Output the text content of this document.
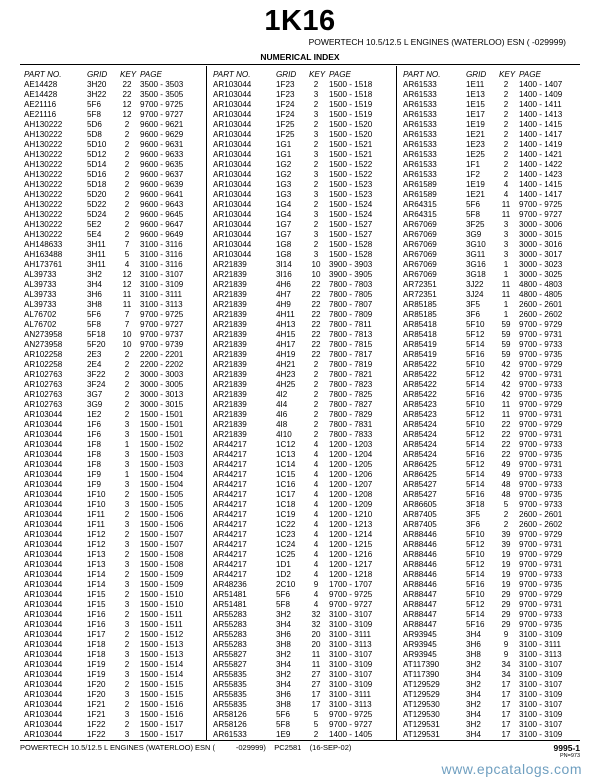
1K16
POWERTECH 10.5/12.5 L ENGINES (WATERLOO) ESN ( -029999)
NUMERICAL INDEX
PART NO.	GRID KEY PAGE
AE14428	3H20	22	3500 - 3503
AE14428	3H22	22	3500 - 3505
AE21116	5F6	12	9700 - 9725
AE21116	5F8	12	9700 - 9727
AH130222	5D6	2	9600 - 9621
AH130222	5D8	2	9600 - 9629
AH130222	5D10	2	9600 - 9631
AH130222	5D12	2	9600 - 9633
AH130222	5D14	2	9600 - 9635
AH130222	5D16	2	9600 - 9637
AH130222	5D18	2	9600 - 9639
AH130222	5D20	2	9600 - 9641
AH130222	5D22	2	9600 - 9643
AH130222	5D24	2	9600 - 9645
AH130222	5E2	2	9600 - 9647
AH130222	5E4	2	9600 - 9649
AH148633	3H11	7	3100 - 3116
AH163488	3H11	5	3100 - 3116
AH173761	3H11	4	3100 - 3116
AL39733	3H2	12	3100 - 3107
AL39733	3H4	12	3100 - 3109
AL39733	3H6	11	3100 - 3111
AL39733	3H8	11	3100 - 3113
AL76702	5F6	7	9700 - 9725
AL76702	5F8	7	9700 - 9727
AN273958	5F18	10	9700 - 9737
AN273958	5F20	10	9700 - 9739
AR102258	2E3	2	2200 - 2201
AR102258	2E4	2	2200 - 2202
AR102763	3F22	2	3000 - 3003
AR102763	3F24	2	3000 - 3005
AR102763	3G7	2	3000 - 3013
AR102763	3G9	2	3000 - 3015
AR103044	1E2	2	1500 - 1501
AR103044	1F6	3	1500 - 1501
AR103044	1F6	3	1500 - 1501
AR103044	1F8	1	1500 - 1502
AR103044	1F8	3	1500 - 1503
AR103044	1F8	3	1500 - 1503
AR103044	1F9	1	1500 - 1504
AR103044	1F9	3	1500 - 1504
AR103044	1F10	2	1500 - 1505
AR103044	1F10	3	1500 - 1505
AR103044	1F11	2	1500 - 1506
AR103044	1F11	3	1500 - 1506
AR103044	1F12	2	1500 - 1507
AR103044	1F12	3	1500 - 1507
AR103044	1F13	2	1500 - 1508
AR103044	1F13	3	1500 - 1508
AR103044	1F14	2	1500 - 1509
AR103044	1F14	3	1500 - 1509
AR103044	1F15	2	1500 - 1510
AR103044	1F15	3	1500 - 1510
AR103044	1F16	2	1500 - 1511
AR103044	1F16	3	1500 - 1511
AR103044	1F17	2	1500 - 1512
AR103044	1F18	2	1500 - 1513
AR103044	1F18	3	1500 - 1513
AR103044	1F19	2	1500 - 1514
AR103044	1F19	3	1500 - 1514
AR103044	1F20	2	1500 - 1515
AR103044	1F20	3	1500 - 1515
AR103044	1F21	2	1500 - 1516
AR103044	1F21	3	1500 - 1516
AR103044	1F22	2	1500 - 1517
AR103044	1F22	3	1500 - 1517
PART NO.	GRID KEY PAGE
AR103044	1F23	2	1500 - 1518
AR103044	1F23	3	1500 - 1518
AR103044	1F24	2	1500 - 1519
AR103044	1F24	3	1500 - 1519
AR103044	1F25	2	1500 - 1520
AR103044	1F25	3	1500 - 1520
AR103044	1G1	2	1500 - 1521
AR103044	1G1	3	1500 - 1521
AR103044	1G2	2	1500 - 1522
AR103044	1G2	3	1500 - 1522
AR103044	1G3	2	1500 - 1523
AR103044	1G3	3	1500 - 1523
AR103044	1G4	2	1500 - 1524
AR103044	1G4	3	1500 - 1524
AR103044	1G7	2	1500 - 1527
AR103044	1G7	3	1500 - 1527
AR103044	1G8	2	1500 - 1528
AR103044	1G8	3	1500 - 1528
AR21839	3I14	10	3900 - 3903
AR21839	3I16	10	3900 - 3905
AR21839	4H6	22	7800 - 7803
AR21839	4H7	22	7800 - 7805
AR21839	4H9	22	7800 - 7807
AR21839	4H11	22	7800 - 7809
AR21839	4H13	22	7800 - 7811
AR21839	4H15	22	7800 - 7813
AR21839	4H17	22	7800 - 7815
AR21839	4H19	22	7800 - 7817
AR21839	4H21	2	7800 - 7819
AR21839	4H23	2	7800 - 7821
AR21839	4H25	2	7800 - 7823
AR21839	4I2	2	7800 - 7825
AR21839	4I4	2	7800 - 7827
AR21839	4I6	2	7800 - 7829
AR21839	4I8	2	7800 - 7831
AR21839	4I10	2	7800 - 7833
AR44217	1C12	4	1200 - 1203
AR44217	1C13	4	1200 - 1204
AR44217	1C14	4	1200 - 1205
AR44217	1C15	4	1200 - 1206
AR44217	1C16	4	1200 - 1207
AR44217	1C17	4	1200 - 1208
AR44217	1C18	4	1200 - 1209
AR44217	1C19	4	1200 - 1210
AR44217	1C22	4	1200 - 1213
AR44217	1C23	4	1200 - 1214
AR44217	1C24	4	1200 - 1215
AR44217	1C25	4	1200 - 1216
AR44217	1D1	4	1200 - 1217
AR44217	1D2	4	1200 - 1218
AR48236	2C10	9	1700 - 1707
AR51481	5F6	4	9700 - 9725
AR51481	5F8	4	9700 - 9727
AR55283	3H2	32	3100 - 3107
AR55283	3H4	32	3100 - 3109
AR55283	3H6	20	3100 - 3111
AR55283	3H8	20	3100 - 3113
AR55827	3H2	11	3100 - 3107
AR55827	3H4	11	3100 - 3109
AR55835	3H2	27	3100 - 3107
AR55835	3H4	27	3100 - 3109
AR55835	3H6	17	3100 - 3111
AR55835	3H8	17	3100 - 3113
AR58126	5F6	5	9700 - 9725
AR58126	5F8	5	9700 - 9727
AR61533	1E9	2	1400 - 1405
PART NO.	GRID KEY PAGE
AR61533	1E11	2	1400 - 1407
AR61533	1E13	2	1400 - 1409
AR61533	1E15	2	1400 - 1411
AR61533	1E17	2	1400 - 1413
AR61533	1E19	2	1400 - 1415
AR61533	1E21	2	1400 - 1417
AR61533	1E23	2	1400 - 1419
AR61533	1E25	2	1400 - 1421
AR61533	1F1	2	1400 - 1422
AR61533	1F2	2	1400 - 1423
AR61589	1E19	4	1400 - 1415
AR61589	1E21	4	1400 - 1417
AR64315	5F6	11	9700 - 9725
AR64315	5F8	11	9700 - 9727
AR67069	3F25	3	3000 - 3006
AR67069	3G9	3	3000 - 3015
AR67069	3G10	3	3000 - 3016
AR67069	3G11	3	3000 - 3017
AR67069	3G16	1	3000 - 3023
AR67069	3G18	1	3000 - 3025
AR72351	3J22	11	4800 - 4803
AR72351	3J24	11	4800 - 4805
AR85185	3F5	1	2600 - 2601
AR85185	3F6	1	2600 - 2602
AR85418	5F10	59	9700 - 9729
AR85418	5F12	59	9700 - 9731
AR85419	5F14	59	9700 - 9733
AR85419	5F16	59	9700 - 9735
AR85422	5F10	42	9700 - 9729
AR85422	5F12	42	9700 - 9731
AR85422	5F14	42	9700 - 9733
AR85422	5F16	42	9700 - 9735
AR85423	5F10	11	9700 - 9729
AR85423	5F12	11	9700 - 9731
AR85424	5F10	22	9700 - 9729
AR85424	5F12	22	9700 - 9731
AR85424	5F14	22	9700 - 9733
AR85424	5F16	22	9700 - 9735
AR86425	5F12	49	9700 - 9731
AR86425	5F14	49	9700 - 9733
AR85427	5F14	48	9700 - 9733
AR85427	5F16	48	9700 - 9735
AR86605	3F18	5	9700 - 9733
AR87405	3F5	2	2600 - 2601
AR87405	3F6	2	2600 - 2602
AR88446	5F10	39	9700 - 9729
AR88446	5F12	39	9700 - 9731
AR88446	5F10	19	9700 - 9729
AR88446	5F12	19	9700 - 9731
AR88446	5F14	19	9700 - 9733
AR88446	5F16	19	9700 - 9735
AR88447	5F10	29	9700 - 9729
AR88447	5F12	29	9700 - 9731
AR88447	5F14	29	9700 - 9733
AR88447	5F16	29	9700 - 9735
AR93945	3H4	9	3100 - 3109
AR93945	3H6	9	3100 - 3111
AR93945	3H8	9	3100 - 3113
AT117390	3H2	34	3100 - 3107
AT117390	3H4	34	3100 - 3109
AT129529	3H2	17	3100 - 3107
AT129529	3H4	17	3100 - 3109
AT129530	3H2	17	3100 - 3107
AT129530	3H4	17	3100 - 3109
AT129531	3H2	17	3100 - 3107
AT129531	3H4	17	3100 - 3109
POWERTECH 10.5/12.5 L ENGINES (WATERLOO) ESN (          -029999)    PC2581    (16-SEP-02)	9995-1
PN=973
www.epcatalogs.com
